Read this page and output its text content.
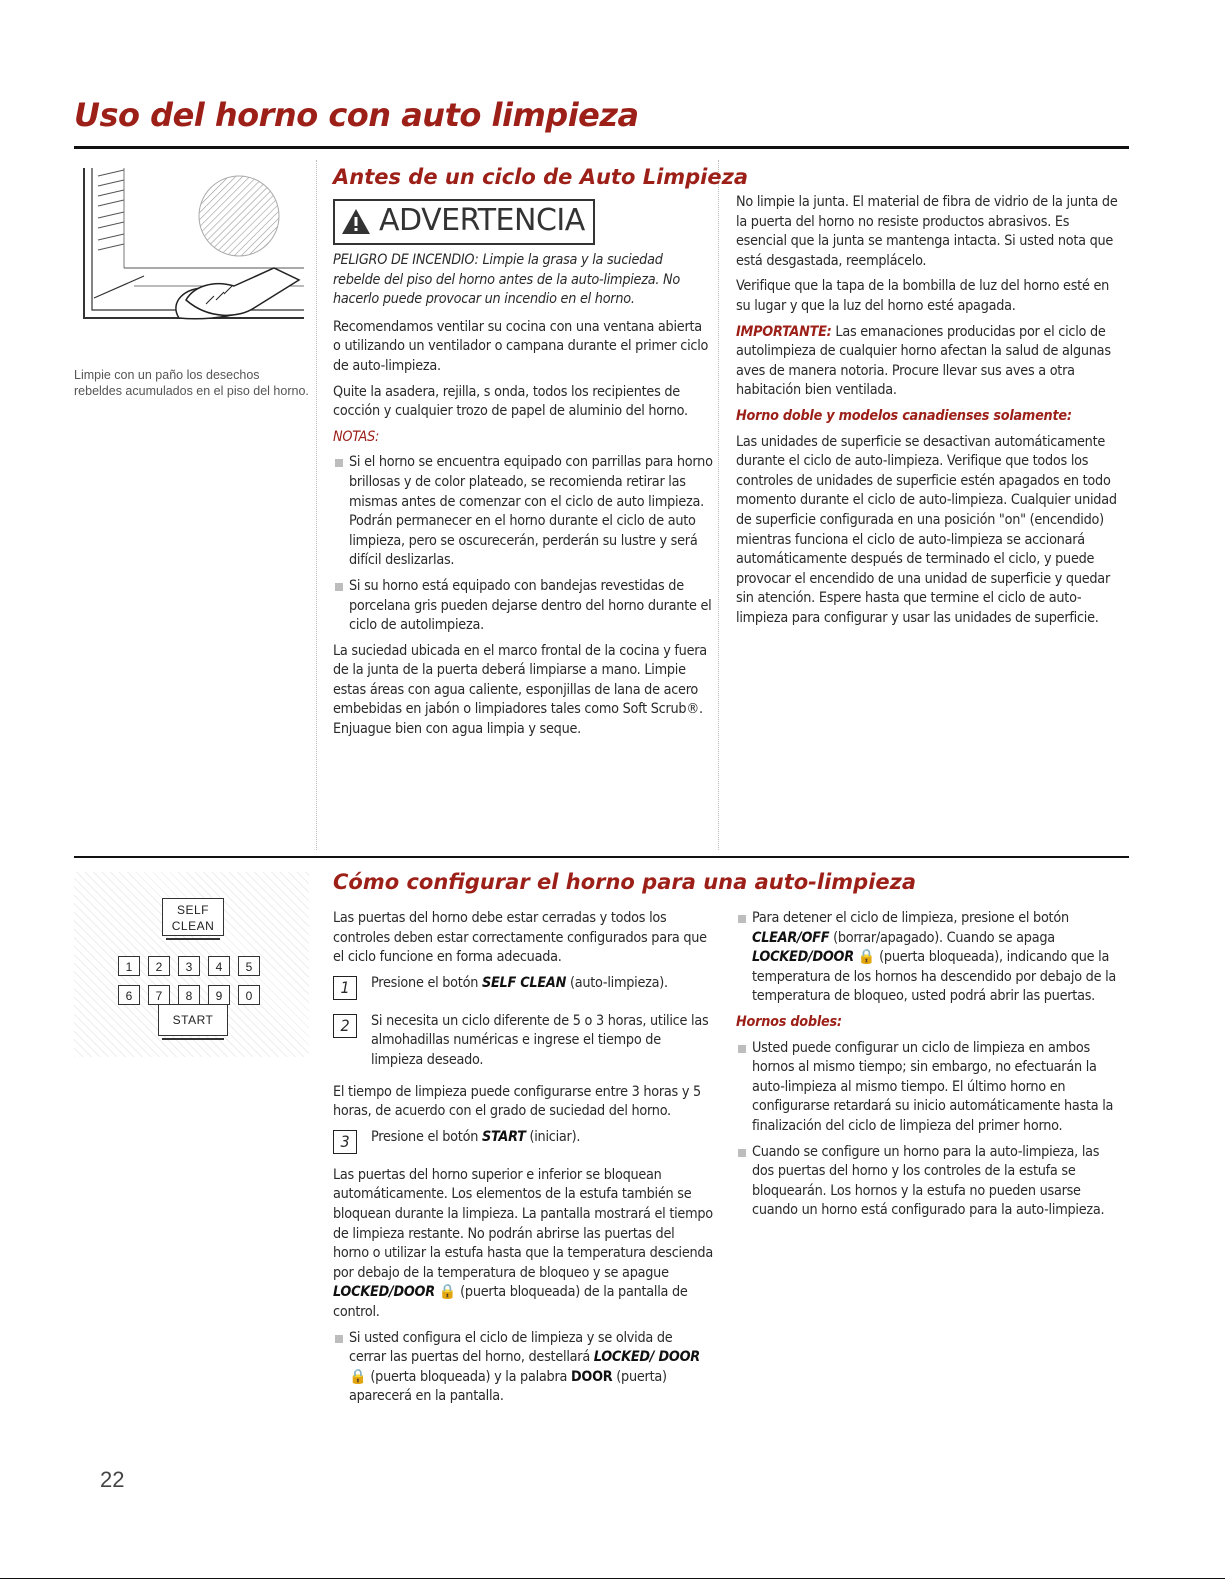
Uso del horno con auto limpieza
Limpie con un paño los desechos rebeldes acumulados en el piso del horno.
Antes de un ciclo de Auto Limpieza
ADVERTENCIA

PELIGRO DE INCENDIO: Limpie la grasa y la suciedad rebelde del piso del horno antes de la auto-limpieza. No hacerlo puede provocar un incendio en el horno.

Recomendamos ventilar su cocina con una ventana abierta o utilizando un ventilador o campana durante el primer ciclo de auto-limpieza.

Quite la asadera, rejilla, s onda, todos los recipientes de cocción y cualquier trozo de papel de aluminio del horno.

NOTAS:

Si el horno se encuentra equipado con parrillas para horno brillosas y de color plateado, se recomienda retirar las mismas antes de comenzar con el ciclo de auto limpieza. Podrán permanecer en el horno durante el ciclo de auto limpieza, pero se oscurecerán, perderán su lustre y será difícil deslizarlas.
Si su horno está equipado con bandejas revestidas de porcelana gris pueden dejarse dentro del horno durante el ciclo de autolimpieza.

La suciedad ubicada en el marco frontal de la cocina y fuera de la junta de la puerta deberá limpiarse a mano. Limpie estas áreas con agua caliente, esponjillas de lana de acero embebidas en jabón o limpiadores tales como Soft Scrub®. Enjuague bien con agua limpia y seque.

No limpie la junta. El material de fibra de vidrio de la junta de la puerta del horno no resiste productos abrasivos. Es esencial que la junta se mantenga intacta. Si usted nota que está desgastada, reemplácelo.

Verifique que la tapa de la bombilla de luz del horno esté en su lugar y que la luz del horno esté apagada.

IMPORTANTE: Las emanaciones producidas por el ciclo de autolimpieza de cualquier horno afectan la salud de algunas aves de manera notoria. Procure llevar sus aves a otra habitación bien ventilada.

Horno doble y modelos canadienses solamente:

Las unidades de superficie se desactivan automáticamente durante el ciclo de auto-limpieza. Verifique que todos los controles de unidades de superficie estén apagados en todo momento durante el ciclo de auto-limpieza. Cualquier unidad de superficie configurada en una posición "on" (encendido) mientras funciona el ciclo de auto-limpieza se accionará automáticamente después de terminado el ciclo, y puede provocar el encendido de una unidad de superficie y quedar sin atención. Espere hasta que termine el ciclo de auto-limpieza para configurar y usar las unidades de superficie.

SELF
CLEAN
1	2	3	4	5
6	7	8	9	0
START
Cómo configurar el horno para una auto-limpieza

Las puertas del horno debe estar cerradas y todos los controles deben estar correctamente configurados para que el ciclo funcione en forma adecuada.

1	Presione el botón SELF CLEAN (auto-limpieza).
2	Si necesita un ciclo diferente de 5 o 3 horas, utilice las almohadillas numéricas e ingrese el tiempo de limpieza deseado.

El tiempo de limpieza puede configurarse entre 3 horas y 5 horas, de acuerdo con el grado de suciedad del horno.

3	Presione el botón START (iniciar).

Las puertas del horno superior e inferior se bloquean automáticamente. Los elementos de la estufa también se bloquean durante la limpieza. La pantalla mostrará el tiempo de limpieza restante. No podrán abrirse las puertas del horno o utilizar la estufa hasta que la temperatura descienda por debajo de la temperatura de bloqueo y se apague LOCKED/DOOR 🔒 (puerta bloqueada) de la pantalla de control.

Si usted configura el ciclo de limpieza y se olvida de cerrar las puertas del horno, destellará LOCKED/ DOOR 🔒 (puerta bloqueada) y la palabra DOOR (puerta) aparecerá en la pantalla.
Para detener el ciclo de limpieza, presione el botón CLEAR/OFF (borrar/apagado). Cuando se apaga LOCKED/DOOR 🔒 (puerta bloqueada), indicando que la temperatura de los hornos ha descendido por debajo de la temperatura de bloqueo, usted podrá abrir las puertas.

Hornos dobles:

Usted puede configurar un ciclo de limpieza en ambos hornos al mismo tiempo; sin embargo, no efectuarán la auto-limpieza al mismo tiempo. El último horno en configurarse retardará su inicio automáticamente hasta la finalización del ciclo de limpieza del primer horno.
Cuando se configure un horno para la auto-limpieza, las dos puertas del horno y los controles de la estufa se bloquearán. Los hornos y la estufa no pueden usarse cuando un horno está configurado para la auto-limpieza.
22
